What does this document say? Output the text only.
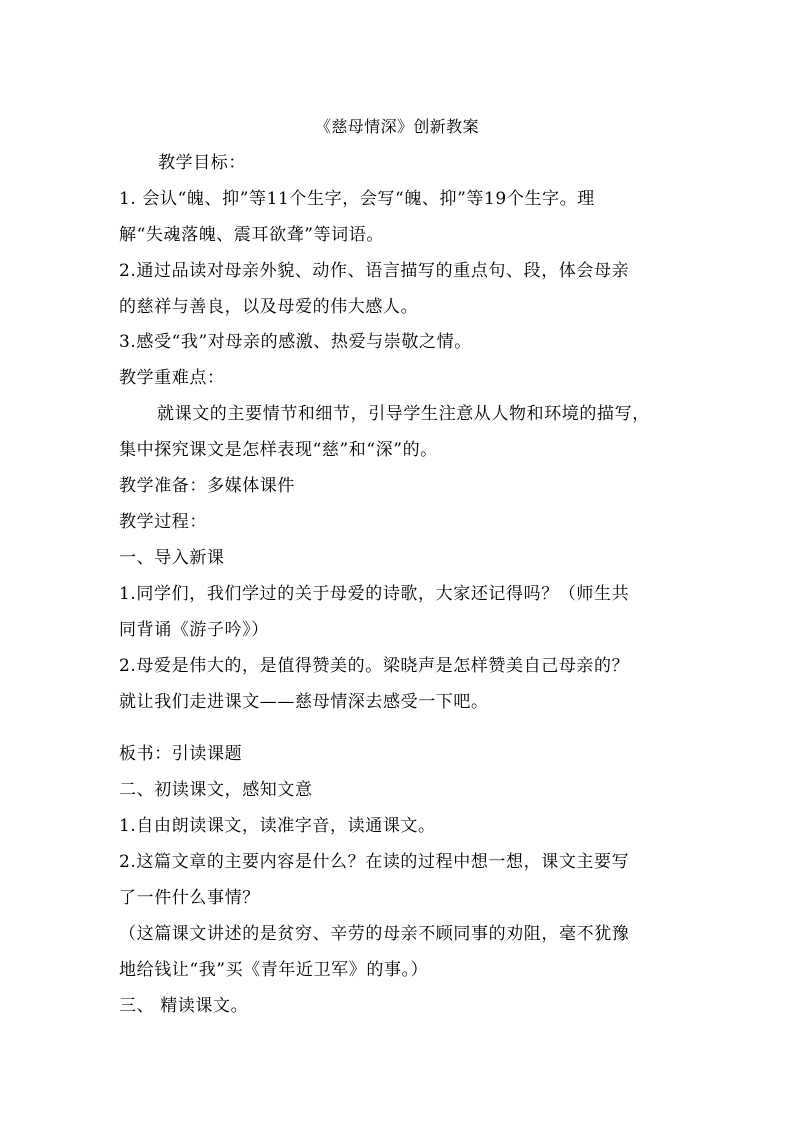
《慈母情深》创新教案
教学目标：
1. 会认“魄、抑”等11个生字，会写“魄、抑”等19个生字。理
解“失魂落魄、震耳欲聋”等词语。
2.通过品读对母亲外貌、动作、语言描写的重点句、段，体会母亲
的慈祥与善良，以及母爱的伟大感人。
3.感受“我”对母亲的感激、热爱与崇敬之情。
教学重难点：
就课文的主要情节和细节，引导学生注意从人物和环境的描写，
集中探究课文是怎样表现“慈”和“深”的。
教学准备：多媒体课件
教学过程：
一、导入新课
1.同学们，我们学过的关于母爱的诗歌，大家还记得吗？（师生共
同背诵《游子吟》）
2.母爱是伟大的，是值得赞美的。梁晓声是怎样赞美自己母亲的？
就让我们走进课文——慈母情深去感受一下吧。
板书：引读课题
二、初读课文，感知文意
1.自由朗读课文，读准字音，读通课文。
2.这篇文章的主要内容是什么？在读的过程中想一想，课文主要写
了一件什么事情？
（这篇课文讲述的是贫穷、辛劳的母亲不顾同事的劝阻，毫不犹豫
地给钱让“我”买《青年近卫军》的事。）
三、 精读课文。
